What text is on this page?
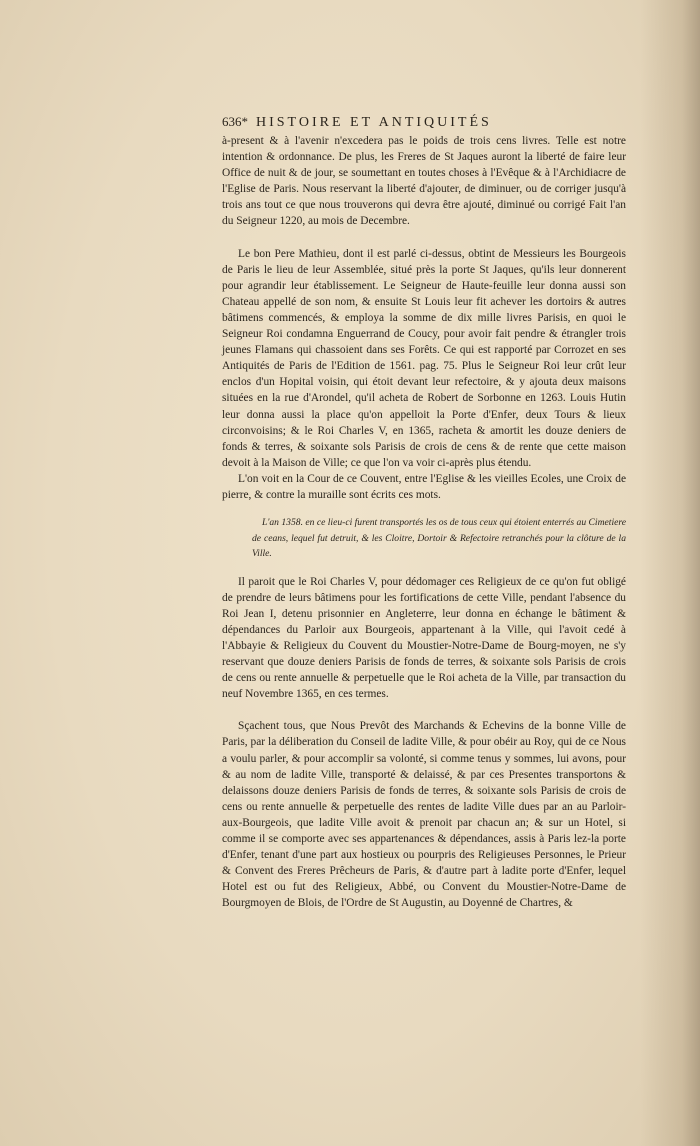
636* HISTOIRE ET ANTIQUITÉS

à-present & à l'avenir n'excedera pas le poids de trois cens livres. Telle est notre intention & ordonnance. De plus, les Freres de St Jaques auront la liberté de faire leur Office de nuit & de jour, se soumettant en toutes choses à l'Evêque & à l'Archidiacre de l'Eglise de Paris. Nous reservant la liberté d'ajouter, de diminuer, ou de corriger jusqu'à trois ans tout ce que nous trouverons qui devra être ajouté, diminué ou corrigé Fait l'an du Seigneur 1220, au mois de Decembre.

Le bon Pere Mathieu, dont il est parlé ci-dessus, obtint de Messieurs les Bourgeois de Paris le lieu de leur Assemblée, situé près la porte St Jaques, qu'ils leur donnerent pour agrandir leur établissement. Le Seigneur de Haute-feuille leur donna aussi son Chateau appellé de son nom, & ensuite St Louis leur fit achever les dortoirs & autres bâtimens commencés, & employa la somme de dix mille livres Parisis, en quoi le Seigneur Roi condamna Enguerrand de Coucy, pour avoir fait pendre & étrangler trois jeunes Flamans qui chassoient dans ses Forêts. Ce qui est rapporté par Corrozet en ses Antiquités de Paris de l'Edition de 1561. pag. 75. Plus le Seigneur Roi leur crût leur enclos d'un Hopital voisin, qui étoit devant leur refectoire, & y ajouta deux maisons situées en la rue d'Arondel, qu'il acheta de Robert de Sorbonne en 1263. Louis Hutin leur donna aussi la place qu'on appelloit la Porte d'Enfer, deux Tours & lieux circonvoisins; & le Roi Charles V, en 1365, racheta & amortit les douze deniers de fonds & terres, & soixante sols Parisis de crois de cens & de rente que cette maison devoit à la Maison de Ville; ce que l'on va voir ci-après plus étendu.

L'on voit en la Cour de ce Couvent, entre l'Eglise & les vieilles Ecoles, une Croix de pierre, & contre la muraille sont écrits ces mots.

L'an 1358. en ce lieu-ci furent transportés les os de tous ceux qui étoient enterrés au Cimetiere de ceans, lequel fut detruit, & les Cloitre, Dortoir & Refectoire retranchés pour la clôture de la Ville.

Il paroit que le Roi Charles V, pour dédomager ces Religieux de ce qu'on fut obligé de prendre de leurs bâtimens pour les fortifications de cette Ville, pendant l'absence du Roi Jean I, detenu prisonnier en Angleterre, leur donna en échange le bâtiment & dépendances du Parloir aux Bourgeois, appartenant à la Ville, qui l'avoit cedé à l'Abbayie & Religieux du Couvent du Moustier-Notre-Dame de Bourg-moyen, ne s'y reservant que douze deniers Parisis de fonds de terres, & soixante sols Parisis de crois de cens ou rente annuelle & perpetuelle que le Roi acheta de la Ville, par transaction du neuf Novembre 1365, en ces termes.

Sçachent tous, que Nous Prevôt des Marchands & Echevins de la bonne Ville de Paris, par la déliberation du Conseil de ladite Ville, & pour obéir au Roy, qui de ce Nous a voulu parler, & pour accomplir sa volonté, si comme tenus y sommes, lui avons, pour & au nom de ladite Ville, transporté & delaissé, & par ces Presentes transportons & delaissons douze deniers Parisis de fonds de terres, & soixante sols Parisis de crois de cens ou rente annuelle & perpetuelle des rentes de ladite Ville dues par an au Parloir-aux-Bourgeois, que ladite Ville avoit & prenoit par chacun an; & sur un Hotel, si comme il se comporte avec ses appartenances & dépendances, assis à Paris lez-la porte d'Enfer, tenant d'une part aux hostieux ou pourpris des Religieuses Personnes, le Prieur & Convent des Freres Prêcheurs de Paris, & d'autre part à ladite porte d'Enfer, lequel Hotel est ou fut des Religieux, Abbé, ou Convent du Moustier-Notre-Dame de Bourgmoyen de Blois, de l'Ordre de St Augustin, au Doyenné de Chartres, &
